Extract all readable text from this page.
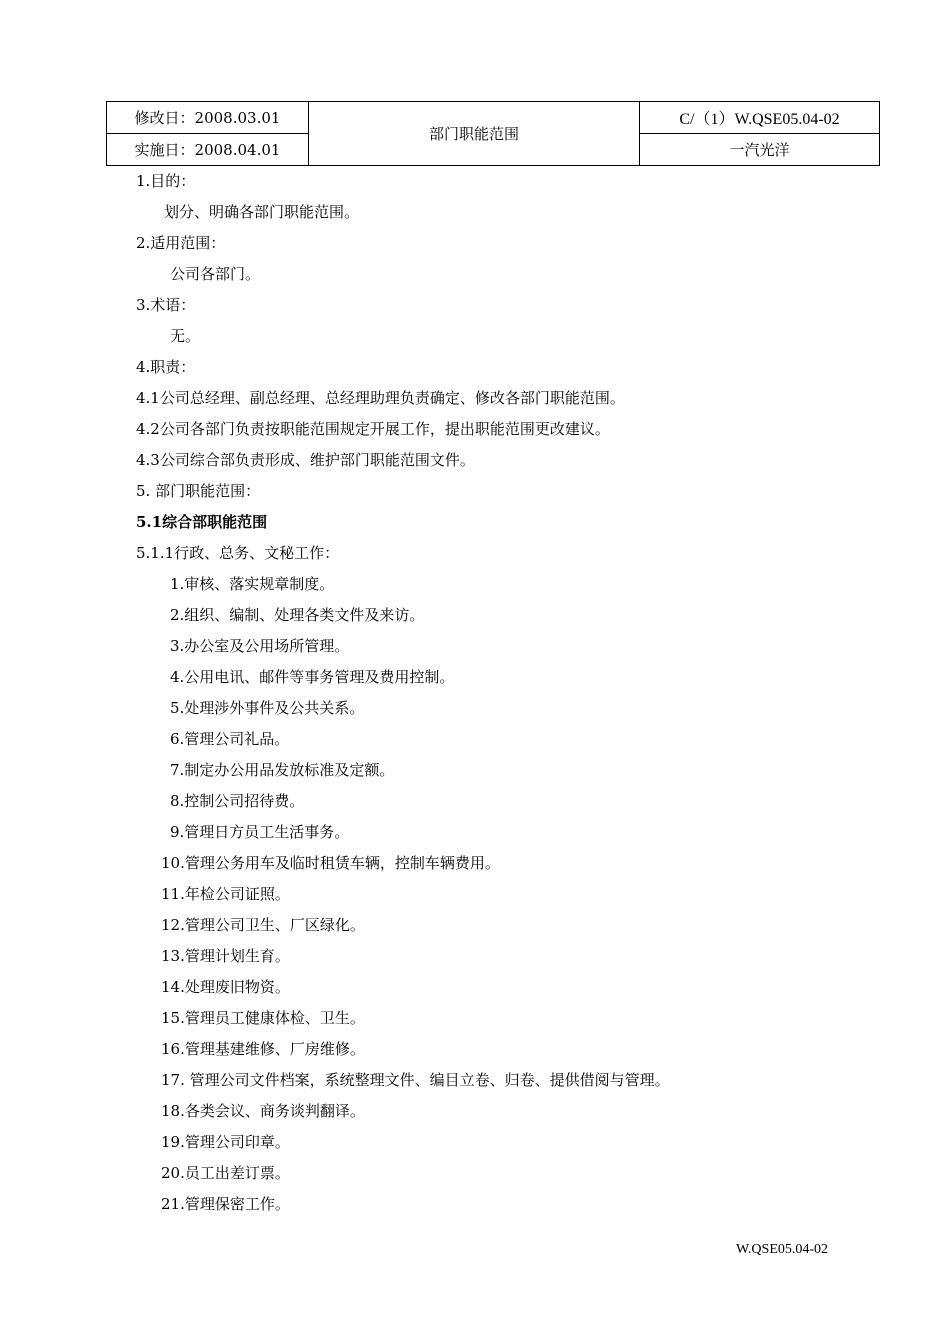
修改日：2008.03.01	部门职能范围	C/（1）W.QSE05.04-02
实施日：2008.04.01		一汽光洋
1.目的：
划分、明确各部门职能范围。
2.适用范围：
公司各部门。
3.术语：
无。
4.职责：
4.1公司总经理、副总经理、总经理助理负责确定、修改各部门职能范围。
4.2公司各部门负责按职能范围规定开展工作，提出职能范围更改建议。
4.3公司综合部负责形成、维护部门职能范围文件。
5. 部门职能范围：
5.1综合部职能范围
5.1.1行政、总务、文秘工作：
1.审核、落实规章制度。
2.组织、编制、处理各类文件及来访。
3.办公室及公用场所管理。
4.公用电讯、邮件等事务管理及费用控制。
5.处理涉外事件及公共关系。
6.管理公司礼品。
7.制定办公用品发放标准及定额。
8.控制公司招待费。
9.管理日方员工生活事务。
10.管理公务用车及临时租赁车辆，控制车辆费用。
11.年检公司证照。
12.管理公司卫生、厂区绿化。
13.管理计划生育。
14.处理废旧物资。
15.管理员工健康体检、卫生。
16.管理基建维修、厂房维修。
17. 管理公司文件档案，系统整理文件、编目立卷、归卷、提供借阅与管理。
18.各类会议、商务谈判翻译。
19.管理公司印章。
20.员工出差订票。
21.管理保密工作。
W.QSE05.04-02
